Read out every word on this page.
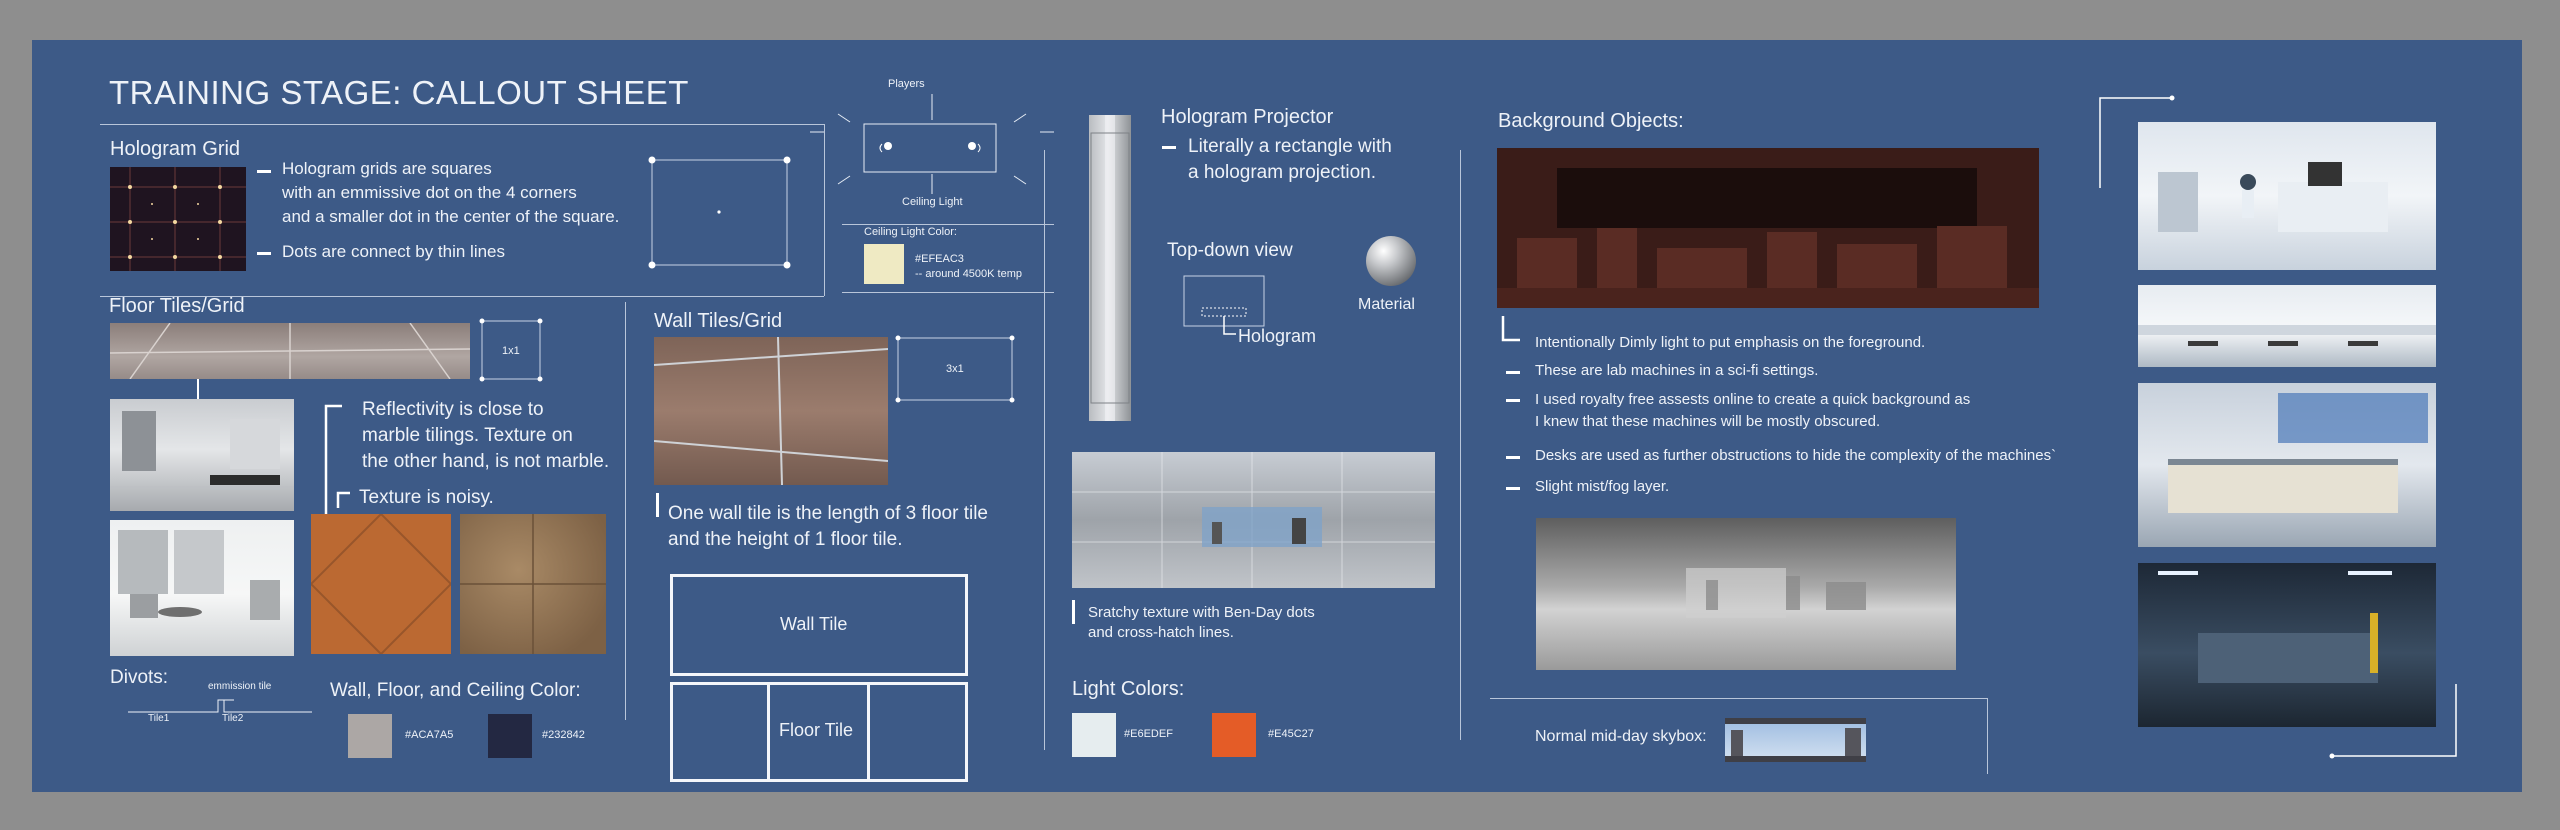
TRAINING STAGE: CALLOUT SHEET
Hologram Grid
Hologram grids are squares
with an emmissive dot on the 4 corners
and a smaller dot in the center of the square.
Dots are connect by thin lines
Players
Ceiling Light
Ceiling Light Color:
#EFEAC3
-- around 4500K temp
Floor Tiles/Grid
1x1
Reflectivity is close to
marble tilings. Texture on
the other hand, is not marble.
Texture is noisy.
Divots:	emmission tile
Tile1	Tile2
Wall, Floor, and Ceiling Color:
#ACA7A5	#232842
Wall Tiles/Grid
3x1
One wall tile is the length of 3 floor tile
and the height of 1 floor tile.
Wall Tile
Floor Tile
Hologram Projector
Literally a rectangle with
a hologram projection.
Top-down view
Hologram
Material
Sratchy texture with Ben-Day dots
and cross-hatch lines.
Light Colors:
#E6EDEF	#E45C27
Background Objects:
Intentionally Dimly light to put emphasis on the foreground.
These are lab machines in a sci-fi settings.
I used royalty free assests online to create a quick background as
I knew that these machines will be mostly obscured.
Desks are used as further obstructions to hide the complexity of the machines`
Slight mist/fog layer.
Normal mid-day skybox:
